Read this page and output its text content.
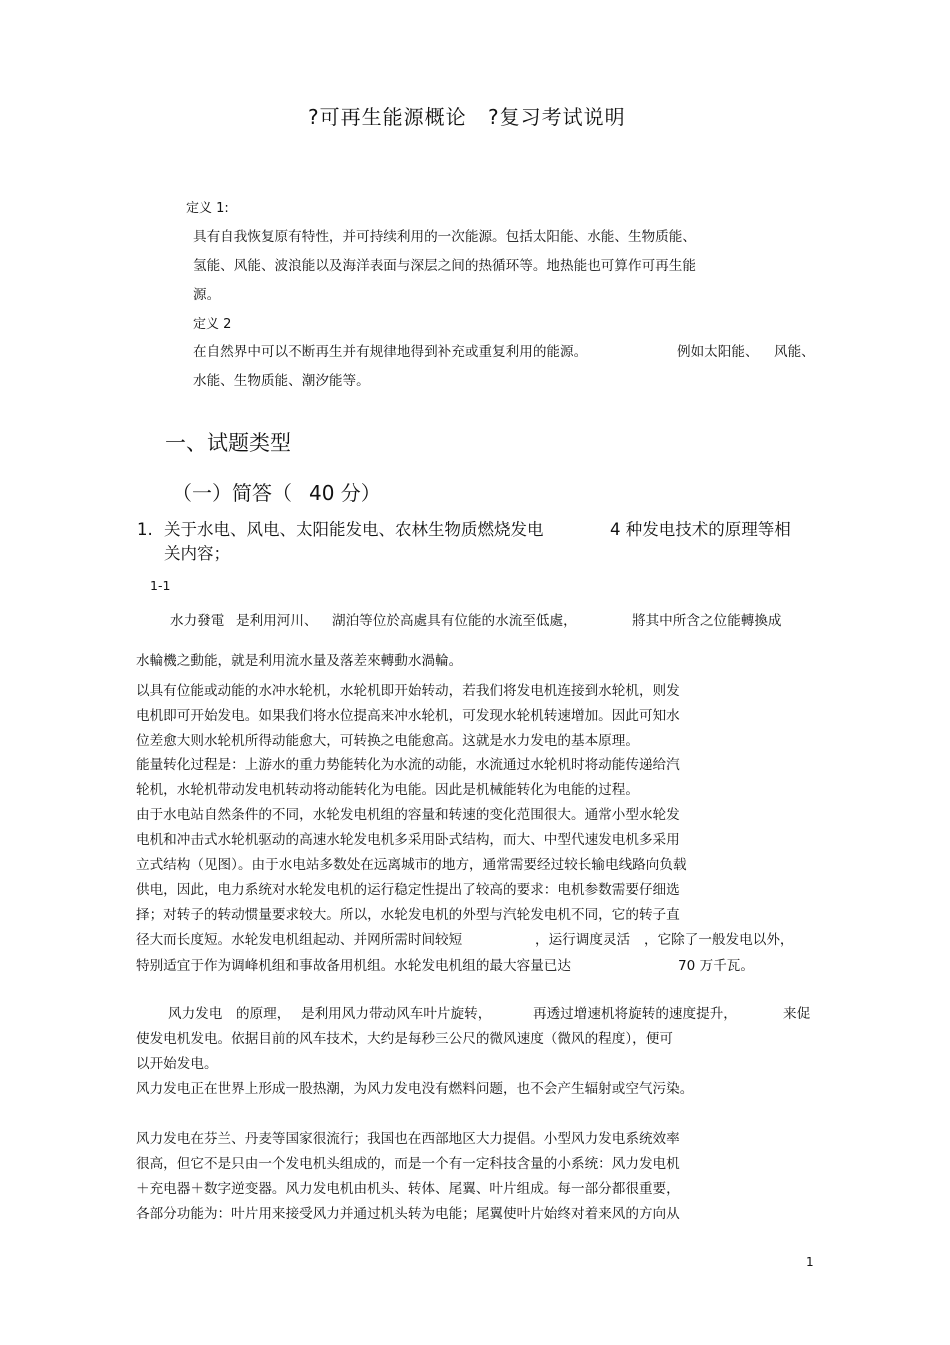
?可再生能源概论 ?复习考试说明
定义 1:
具有自我恢复原有特性，并可持续利用的一次能源。包括太阳能、水能、生物质能、
氢能、风能、波浪能以及海洋表面与深层之间的热循环等。地热能也可算作可再生能
源。
定义 2
在自然界中可以不断再生并有规律地得到补充或重复利用的能源。	例如太阳能、 风能、
水能、生物质能、潮汐能等。
一、试题类型
（一）简答（ 40 分）
1. 关于水电、风电、太阳能发电、农林生物质燃烧发电	4 种发电技术的原理等相
关内容；
1-1
水力發電 是利用河川、 湖泊等位於高處具有位能的水流至低處，	將其中所含之位能轉換成
水輪機之動能，就是利用流水量及落差來轉動水渦輪。
以具有位能或动能的水冲水轮机，水轮机即开始转动，若我们将发电机连接到水轮机，则发
电机即可开始发电。如果我们将水位提高来冲水轮机，可发现水轮机转速增加。因此可知水
位差愈大则水轮机所得动能愈大，可转换之电能愈高。这就是水力发电的基本原理。
能量转化过程是：上游水的重力势能转化为水流的动能，水流通过水轮机时将动能传递给汽
轮机，水轮机带动发电机转动将动能转化为电能。因此是机械能转化为电能的过程。
由于水电站自然条件的不同，水轮发电机组的容量和转速的变化范围很大。通常小型水轮发
电机和冲击式水轮机驱动的高速水轮发电机多采用卧式结构，而大、中型代速发电机多采用
立式结构（见图）。由于水电站多数处在远离城市的地方，通常需要经过较长输电线路向负载
供电，因此，电力系统对水轮发电机的运行稳定性提出了较高的要求：电机参数需要仔细选
择；对转子的转动惯量要求较大。所以，水轮发电机的外型与汽轮发电机不同，它的转子直
径大而长度短。水轮发电机组起动、并网所需时间较短	，运行调度灵活 ，它除了一般发电以外，
特别适宜于作为调峰机组和事故备用机组。水轮发电机组的最大容量已达	70 万千瓦。
风力发电 的原理， 是利用风力带动风车叶片旋转，	再透过增速机将旋转的速度提升，	来促
使发电机发电。依据目前的风车技术，大约是每秒三公尺的微风速度（微风的程度），便可
以开始发电。
风力发电正在世界上形成一股热潮，为风力发电没有燃料问题，也不会产生辐射或空气污染。
风力发电在芬兰、丹麦等国家很流行；我国也在西部地区大力提倡。小型风力发电系统效率
很高，但它不是只由一个发电机头组成的，而是一个有一定科技含量的小系统：风力发电机
＋充电器＋数字逆变器。风力发电机由机头、转体、尾翼、叶片组成。每一部分都很重要，
各部分功能为：叶片用来接受风力并通过机头转为电能；尾翼使叶片始终对着来风的方向从
1
